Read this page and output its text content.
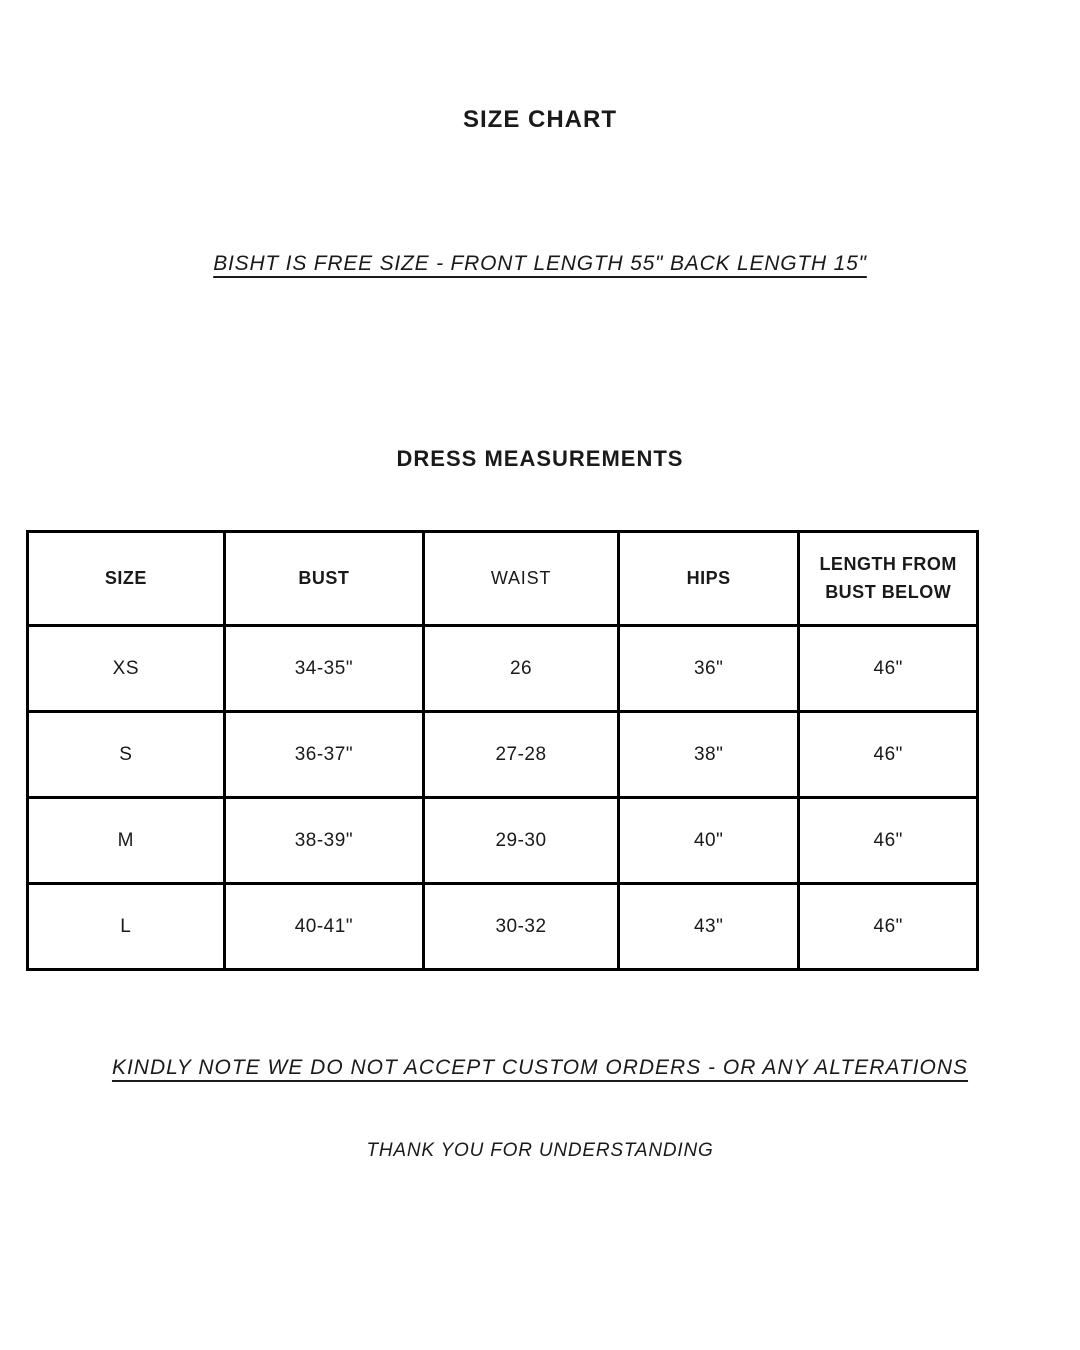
SIZE CHART

BISHT IS FREE SIZE - FRONT LENGTH 55" BACK LENGTH 15"

DRESS MEASUREMENTS
SIZE	BUST	WAIST	HIPS	LENGTH FROM BUST BELOW
XS	34-35"	26	36"	46"
S	36-37"	27-28	38"	46"
M	38-39"	29-30	40"	46"
L	40-41"	30-32	43"	46"

KINDLY NOTE WE DO NOT ACCEPT CUSTOM ORDERS - OR ANY ALTERATIONS

THANK YOU FOR UNDERSTANDING
